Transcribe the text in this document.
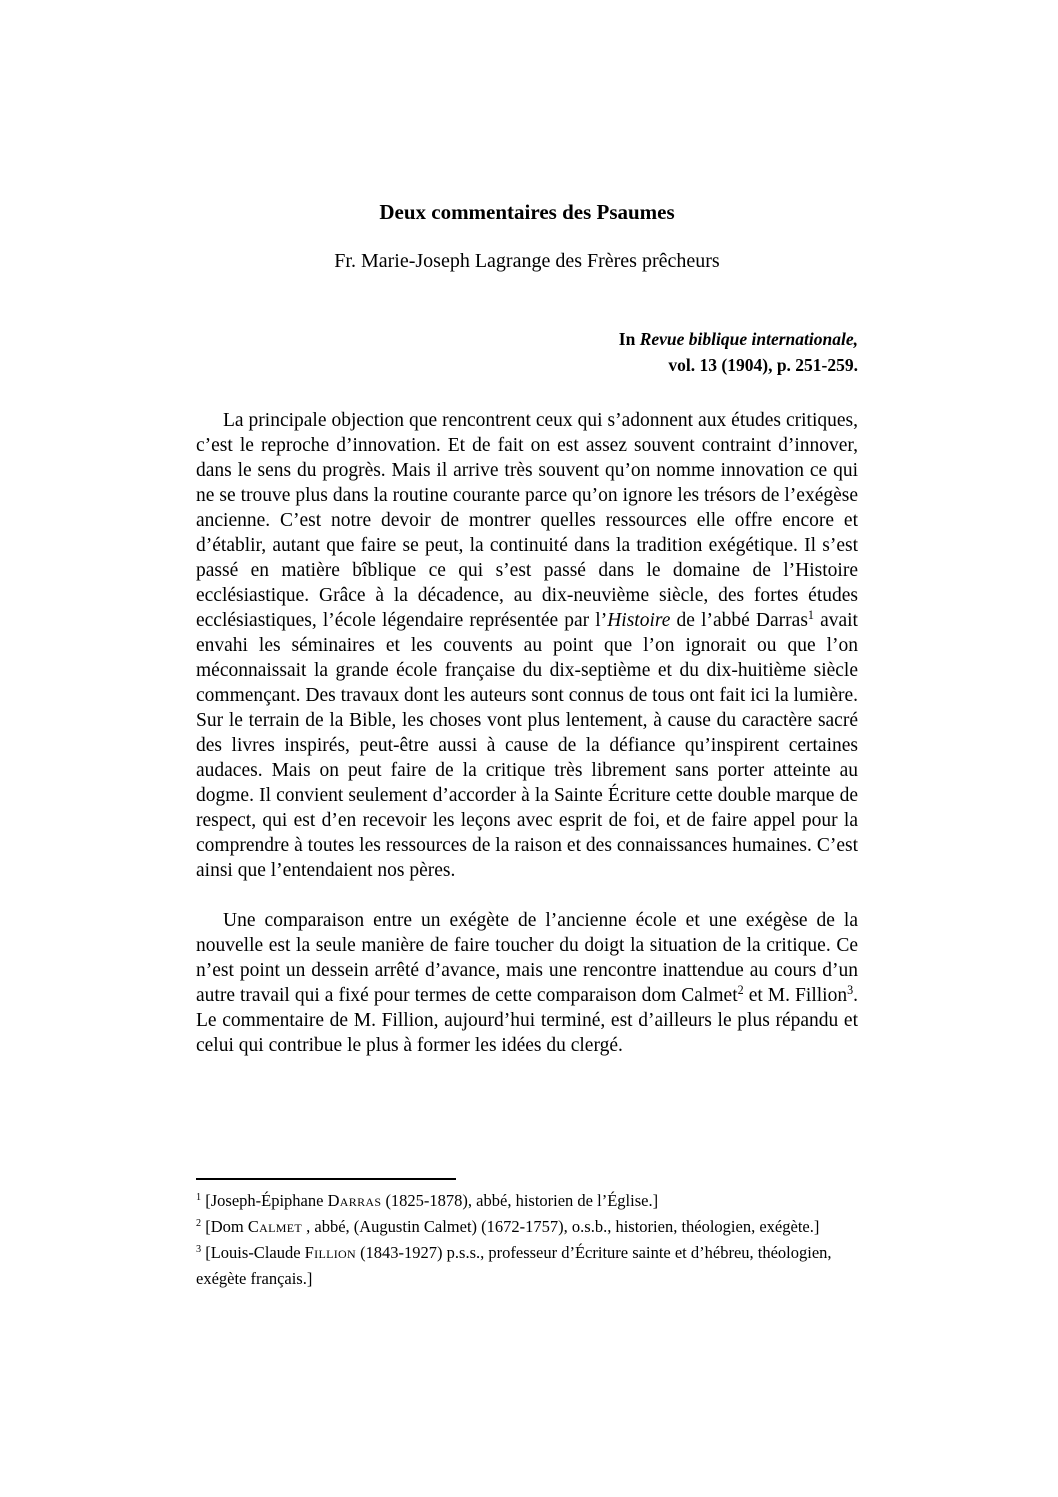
Deux commentaires des Psaumes
Fr. Marie-Joseph Lagrange des Frères prêcheurs
In Revue biblique internationale,
vol. 13 (1904), p. 251-259.

La principale objection que rencontrent ceux qui s’adonnent aux études critiques, c’est le reproche d’innovation. Et de fait on est assez souvent contraint d’innover, dans le sens du progrès. Mais il arrive très souvent qu’on nomme innovation ce qui ne se trouve plus dans la routine courante parce qu’on ignore les trésors de l’exégèse ancienne. C’est notre devoir de montrer quelles ressources elle offre encore et d’établir, autant que faire se peut, la continuité dans la tradition exégétique. Il s’est passé en matière bîblique ce qui s’est passé dans le domaine de l’Histoire ecclésiastique. Grâce à la décadence, au dix-neuvième siècle, des fortes études ecclésiastiques, l’école légendaire représentée par l’Histoire de l’abbé Darras$^1$ avait envahi les séminaires et les couvents au point que l’on ignorait ou que l’on méconnaissait la grande école française du dix-septième et du dix-huitième siècle commençant. Des travaux dont les auteurs sont connus de tous ont fait ici la lumière. Sur le terrain de la Bible, les choses vont plus lentement, à cause du caractère sacré des livres inspirés, peut-être aussi à cause de la défiance qu’inspirent certaines audaces. Mais on peut faire de la critique très librement sans porter atteinte au dogme. Il convient seulement d’accorder à la Sainte Écriture cette double marque de respect, qui est d’en recevoir les leçons avec esprit de foi, et de faire appel pour la comprendre à toutes les ressources de la raison et des connaissances humaines. C’est ainsi que l’entendaient nos pères.

Une comparaison entre un exégète de l’ancienne école et une exégèse de la nouvelle est la seule manière de faire toucher du doigt la situation de la critique. Ce n’est point un dessein arrêté d’avance, mais une rencontre inattendue au cours d’un autre travail qui a fixé pour termes de cette comparaison dom Calmet$^2$ et M. Fillion$^3$. Le commentaire de M. Fillion, aujourd’hui terminé, est d’ailleurs le plus répandu et celui qui contribue le plus à former les idées du clergé.

$^1$ [Joseph-Épiphane Darras (1825-1878), abbé, historien de l’Église.]

$^2$ [Dom Calmet , abbé, (Augustin Calmet) (1672-1757), o.s.b., historien, théologien, exégète.]

$^3$ [Louis-Claude Fillion (1843-1927) p.s.s., professeur d’Écriture sainte et d’hébreu, théologien, exégète français.]
